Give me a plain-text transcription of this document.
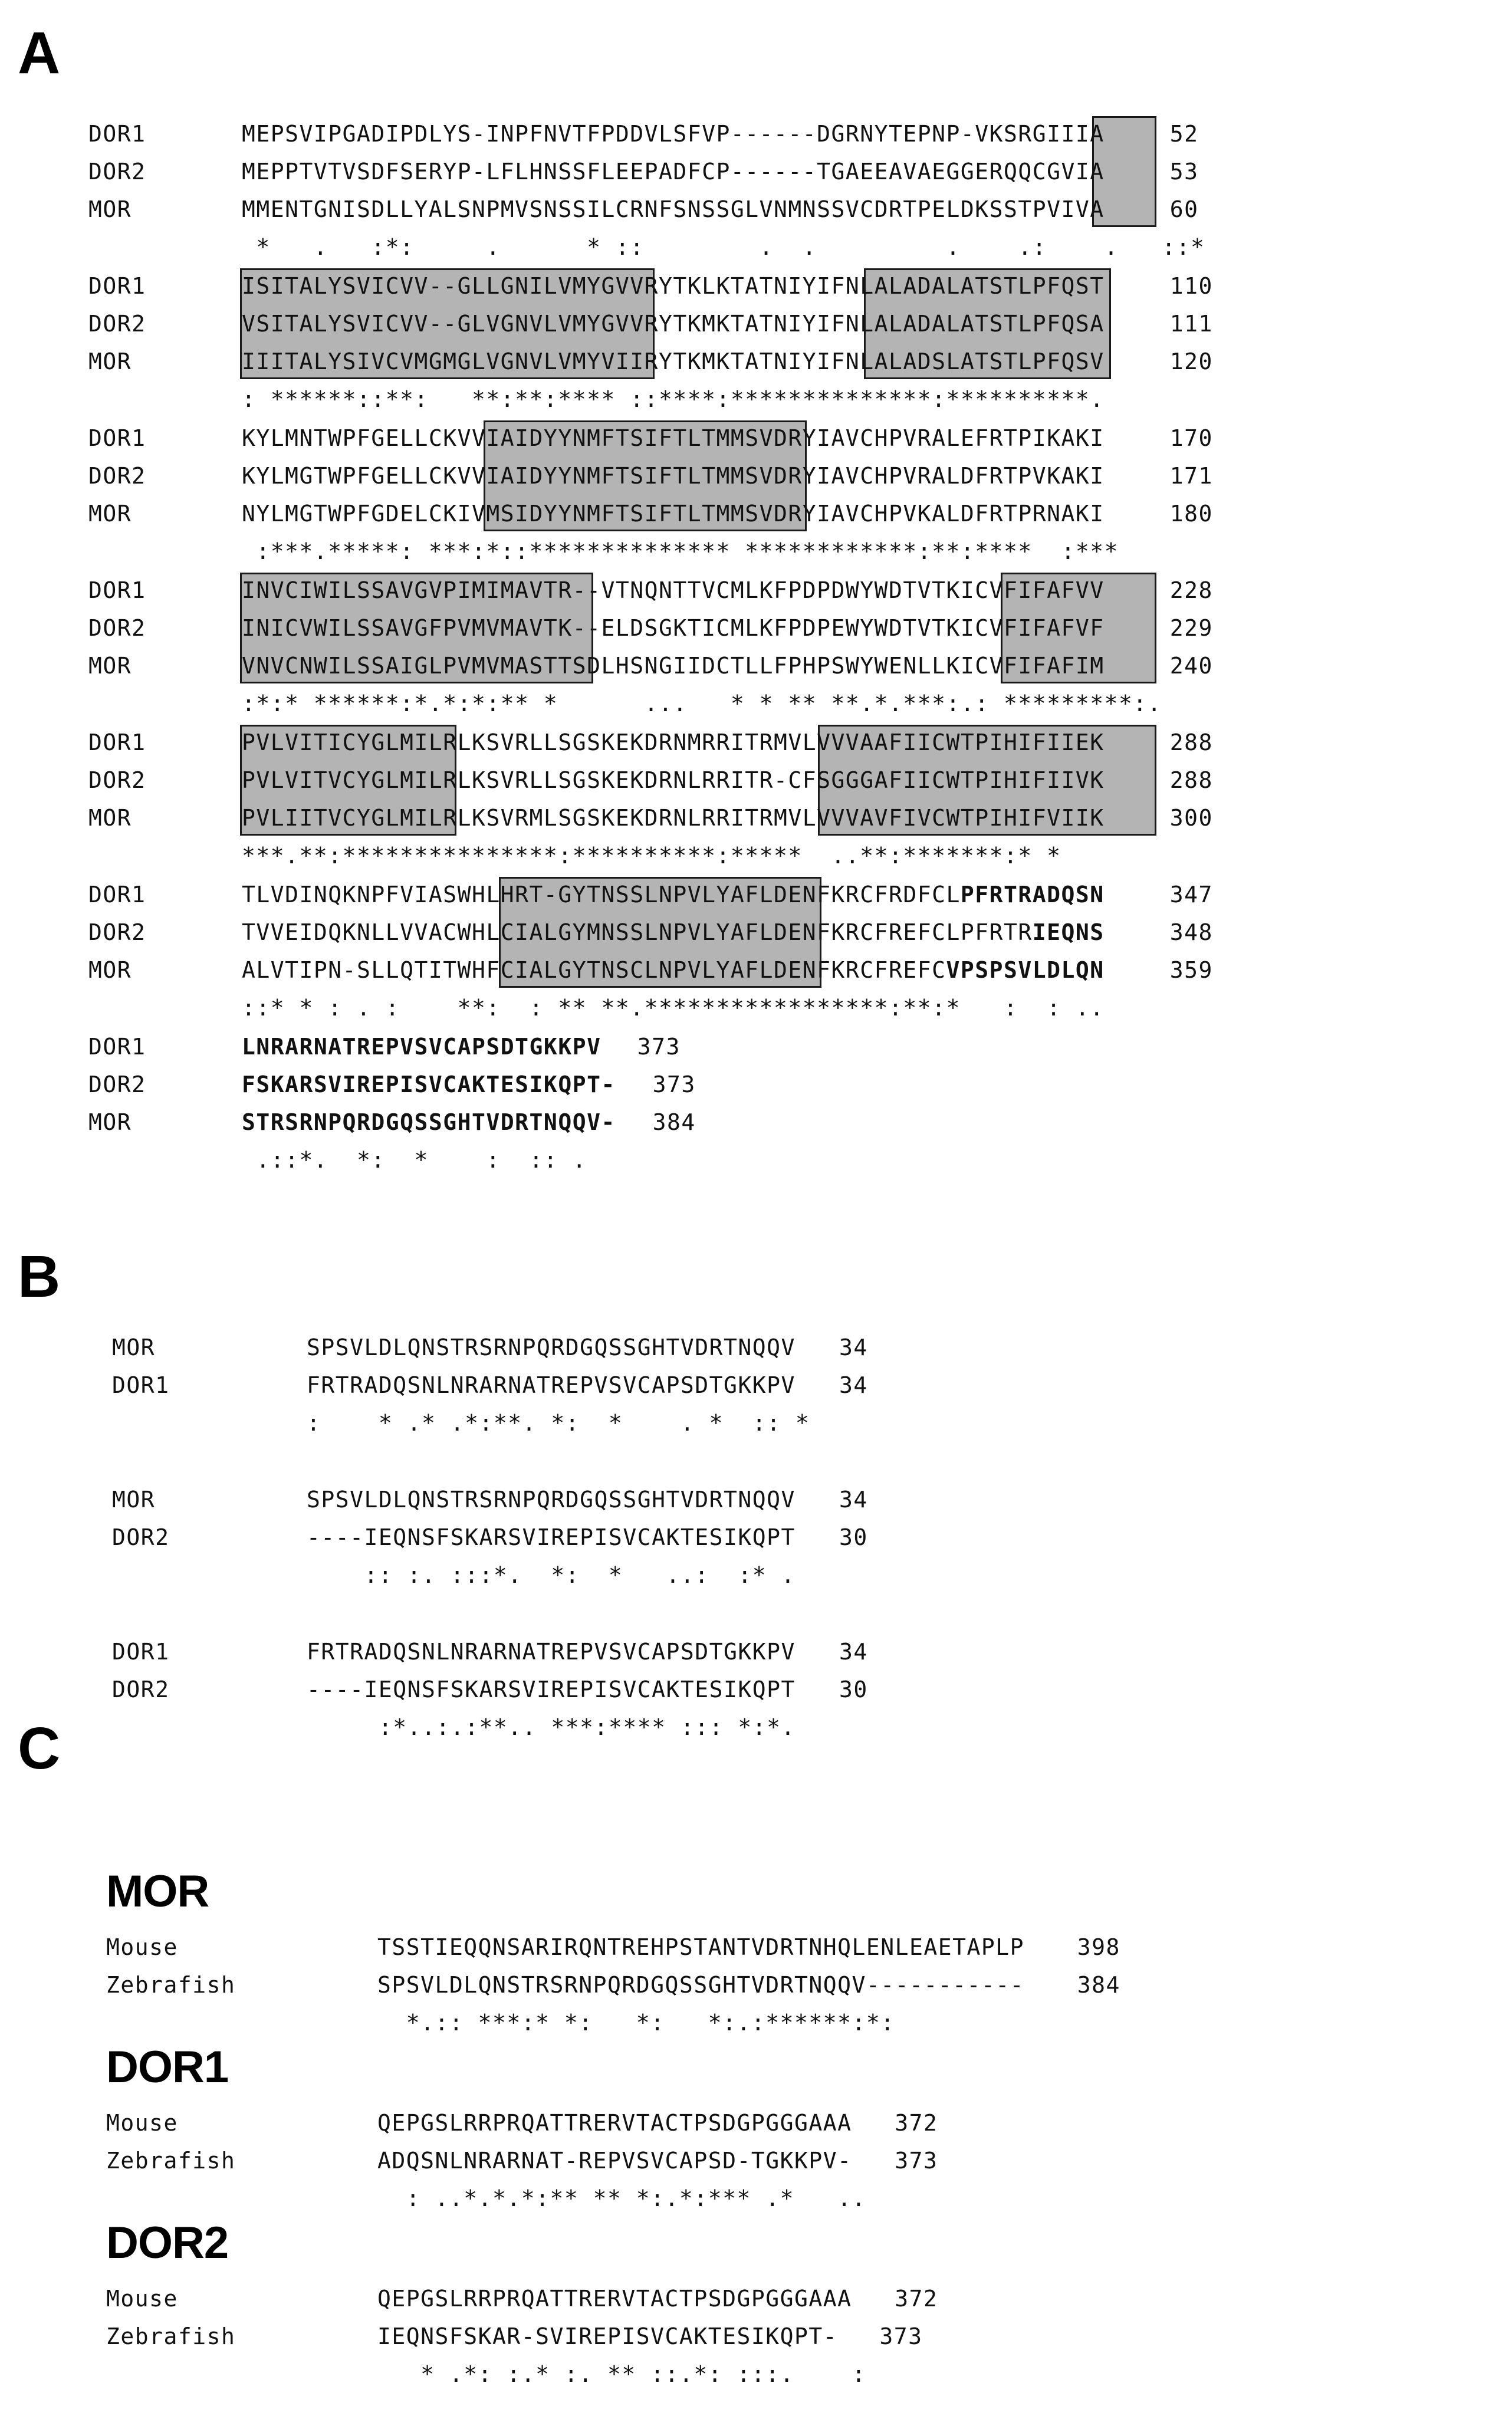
A
B
C
DOR1	MEPSVIPGADIPDLYS-INPFNVTFPDDVLSFVP------DGRNYTEPNP-VKSRGIIIA	52
DOR2	MEPPTVTVSDFSERYP-LFLHNSSFLEEPADFCP------TGAEEAVAEGGERQQCGVIA	53
MOR	MMENTGNISDLLYALSNPMVSNSSILCRNFSNSSGLVNMNSSVCDRTPELDKSSTPVIVA	60
*   .   :*:     .      * ::        .  .         .    .:    .   ::*
DOR1	ISITALYSVICVV--GLLGNILVMYGVVRYTKLKTATNIYIFNLALADALATSTLPFQST	110
DOR2	VSITALYSVICVV--GLVGNVLVMYGVVRYTKMKTATNIYIFNLALADALATSTLPFQSA	111
MOR	IIITALYSIVCVMGMGLVGNVLVMYVIIRYTKMKTATNIYIFNLALADSLATSTLPFQSV	120
: ******::**:   **:**:**** ::****:**************:**********.
DOR1	KYLMNTWPFGELLCKVVIAIDYYNMFTSIFTLTMMSVDRYIAVCHPVRALEFRTPIKAKI	170
DOR2	KYLMGTWPFGELLCKVVIAIDYYNMFTSIFTLTMMSVDRYIAVCHPVRALDFRTPVKAKI	171
MOR	NYLMGTWPFGDELCKIVMSIDYYNMFTSIFTLTMMSVDRYIAVCHPVKALDFRTPRNAKI	180
:***.*****: ***:*::************** ************:**:****  :***
DOR1	INVCIWILSSAVGVPIMIMAVTR--VTNQNTTVCMLKFPDPDWYWDTVTKICVFIFAFVV	228
DOR2	INICVWILSSAVGFPVMVMAVTK--ELDSGKTICMLKFPDPEWYWDTVTKICVFIFAFVF	229
MOR	VNVCNWILSSAIGLPVMVMASTTSDLHSNGIIDCTLLFPHPSWYWENLLKICVFIFAFIM	240
:*:* ******:*.*:*:** *      ...   * * ** **.*.***:.: *********:.
DOR1	PVLVITICYGLMILRLKSVRLLSGSKEKDRNMRRITRMVLVVVAAFIICWTPIHIFIIEK	288
DOR2	PVLVITVCYGLMILRLKSVRLLSGSKEKDRNLRRITR-CFSGGGAFIICWTPIHIFIIVK	288
MOR	PVLIITVCYGLMILRLKSVRMLSGSKEKDRNLRRITRMVLVVVAVFIVCWTPIHIFVIIK	300
***.**:***************:**********:*****  ..**:*******:* *
DOR1	TLVDINQKNPFVIASWHLHRT-GYTNSSLNPVLYAFLDENFKRCFRDFCLPFRTRADQSN	347
DOR2	TVVEIDQKNLLVVACWHLCIALGYMNSSLNPVLYAFLDENFKRCFREFCLPFRTRIEQNS	348
MOR	ALVTIPN-SLLQTITWHFCIALGYTNSCLNPVLYAFLDENFKRCFREFCVPSPSVLDLQN	359
::* * : . :    **:  : ** **.*****************:**:*   :  : ..
DOR1	LNRARNATREPVSVCAPSDTGKKPV 373
DOR2	FSKARSVIREPISVCAKTESIKQPT- 373
MOR	STRSRNPQRDGQSSGHTVDRTNQQV- 384
.::*.  *:  *    :  :: .
MOR	SPSVLDLQNSTRSRNPQRDGQSSGHTVDRTNQQV 34
DOR1	FRTRADQSNLNRARNATREPVSVCAPSDTGKKPV 34
:    * .* .*:**. *:  *    . *  :: *
MOR	SPSVLDLQNSTRSRNPQRDGQSSGHTVDRTNQQV 34
DOR2	----IEQNSFSKARSVIREPISVCAKTESIKQPT 30
:: :. :::*.  *:  *   ..:  :* .
DOR1	FRTRADQSNLNRARNATREPVSVCAPSDTGKKPV 34
DOR2	----IEQNSFSKARSVIREPISVCAKTESIKQPT 30
:*..:.:**.. ***:**** ::: *:*.
MOR
Mouse	TSSTIEQQNSARIRQNTREHPSTANTVDRTNHQLENLEAETAPLP 398
Zebrafish	SPSVLDLQNSTRSRNPQRDGQSSGHTVDRTNQQV----------- 384
*.:: ***:* *:   *:   *:.:******:*:
DOR1
Mouse	QEPGSLRRPRQATTRERVTACTPSDGPGGGAAA 372
Zebrafish	ADQSNLNRARNAT-REPVSVCAPSD-TGKKPV- 373
: ..*.*.*:** ** *:.*:*** .*   ..
DOR2
Mouse	QEPGSLRRPRQATTRERVTACTPSDGPGGGAAA 372
Zebrafish	IEQNSFSKAR-SVIREPISVCAKTESIKQPT- 373
* .*: :.* :. ** ::.*: :::.    :
